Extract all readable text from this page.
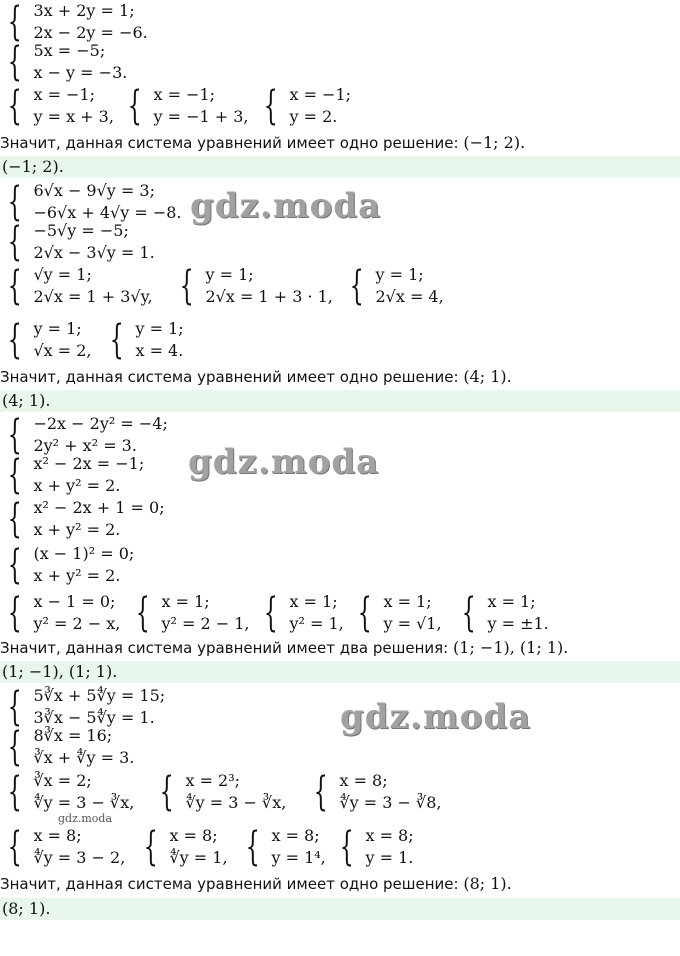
{ 3x + 2y = 1;
2x − 2y = −6.
{ 5x = −5;
x − y = −3.
{ x = −1;
y = x + 3, { x = −1;
y = −1 + 3, { x = −1;
y = 2.
Значит, данная система уравнений имеет одно решение: (−1; 2).
(−1; 2).
{ 6√x − 9√y = 3;
−6√x + 4√y = −8.
{ −5√y = −5;
2√x − 3√y = 1.
{ √y = 1;
2√x = 1 + 3√y, { y = 1;
2√x = 1 + 3 · 1, { y = 1;
2√x = 4,
{ y = 1;
√x = 2, { y = 1;
x = 4.
Значит, данная система уравнений имеет одно решение: (4; 1).
(4; 1).
{ −2x − 2y² = −4;
2y² + x² = 3.
{ x² − 2x = −1;
x + y² = 2.
{ x² − 2x + 1 = 0;
x + y² = 2.
{ (x − 1)² = 0;
x + y² = 2.
{ x − 1 = 0;
y² = 2 − x, { x = 1;
y² = 2 − 1, { x = 1;
y² = 1, { x = 1;
y = √1, { x = 1;
y = ±1.
Значит, данная система уравнений имеет два решения: (1; −1), (1; 1).
(1; −1), (1; 1).
{ 5∛x + 5∜y = 15;
3∛x − 5∜y = 1.
{ 8∛x = 16;
∛x + ∜y = 3.
{ ∛x = 2;
∜y = 3 − ∛x, { x = 2³;
∜y = 3 − ∛x, { x = 8;
∜y = 3 − ∛8,
{ x = 8;
∜y = 3 − 2, { x = 8;
∜y = 1, { x = 8;
y = 1⁴, { x = 8;
y = 1.
Значит, данная система уравнений имеет одно решение: (8; 1).
(8; 1).
gdz.moda
gdz.moda
gdz.moda
gdz.moda
